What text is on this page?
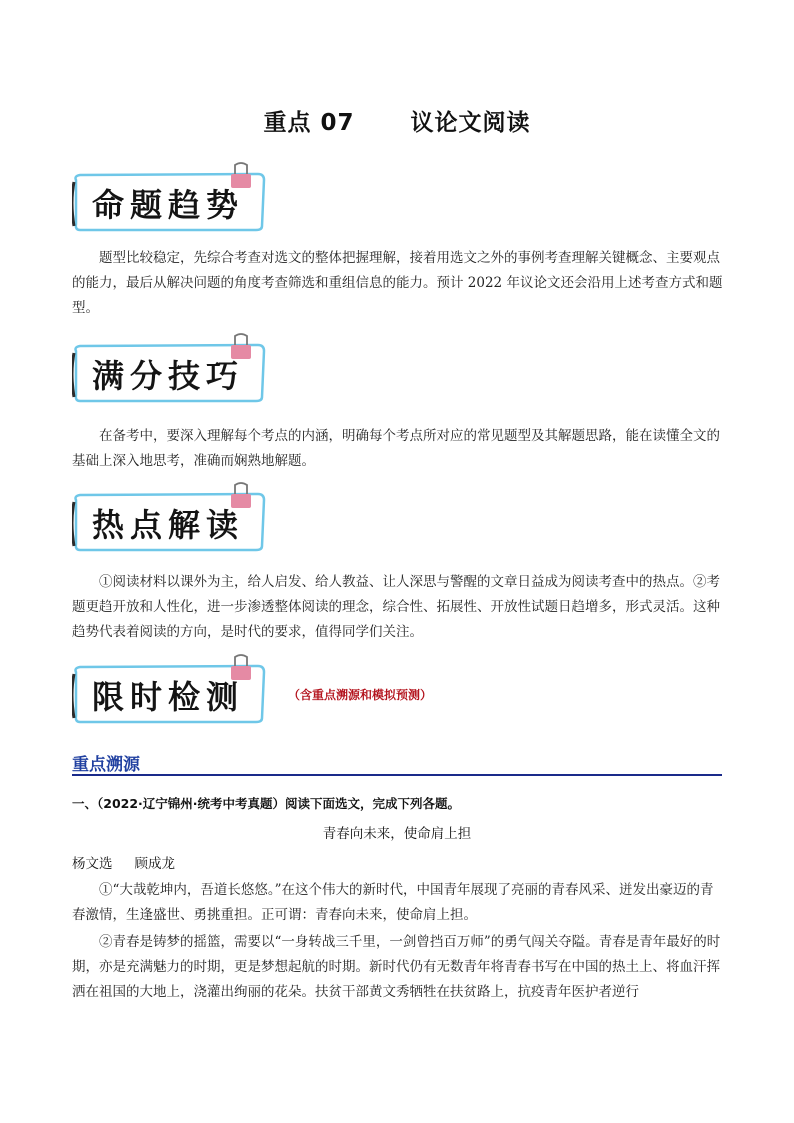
重点 07 议论文阅读
命题趋势

题型比较稳定，先综合考查对选文的整体把握理解，接着用选文之外的事例考查理解关键概念、主要观点的能力，最后从解决问题的角度考查筛选和重组信息的能力。预计 2022 年议论文还会沿用上述考查方式和题型。

满分技巧

在备考中，要深入理解每个考点的内涵，明确每个考点所对应的常见题型及其解题思路，能在读懂全文的基础上深入地思考，准确而娴熟地解题。

热点解读

①阅读材料以课外为主，给人启发、给人教益、让人深思与警醒的文章日益成为阅读考查中的热点。②考题更趋开放和人性化，进一步渗透整体阅读的理念，综合性、拓展性、开放性试题日趋增多，形式灵活。这种趋势代表着阅读的方向，是时代的要求，值得同学们关注。

限时检测	（含重点溯源和模拟预测）
重点溯源
一、（2022·辽宁锦州·统考中考真题）阅读下面选文，完成下列各题。
青春向未来，使命肩上担
杨文选 顾成龙

①“大哉乾坤内，吾道长悠悠。”在这个伟大的新时代，中国青年展现了亮丽的青春风采、迸发出豪迈的青春激情，生逢盛世、勇挑重担。正可谓：青春向未来，使命肩上担。

②青春是铸梦的摇篮，需要以“一身转战三千里，一剑曾挡百万师”的勇气闯关夺隘。青春是青年最好的时期，亦是充满魅力的时期，更是梦想起航的时期。新时代仍有无数青年将青春书写在中国的热土上、将血汗挥洒在祖国的大地上，浇灌出绚丽的花朵。扶贫干部黄文秀牺牲在扶贫路上，抗疫青年医护者逆行
